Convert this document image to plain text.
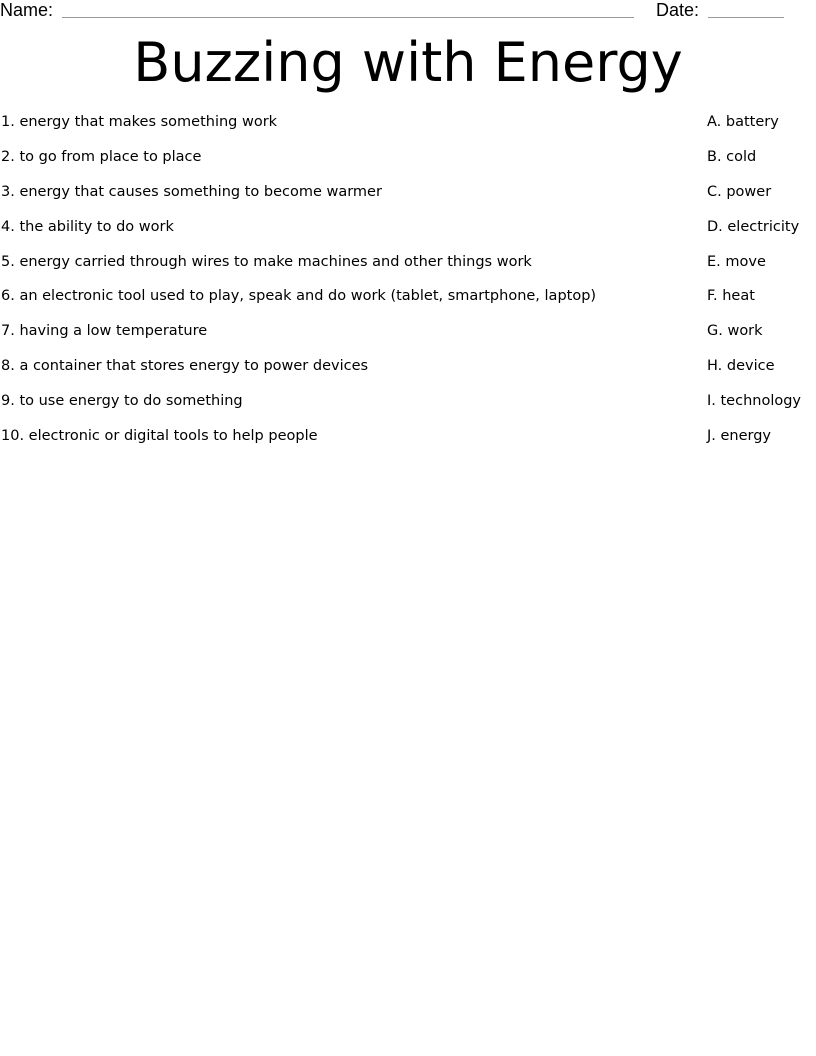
Name:	Date:
Buzzing with Energy
1. energy that makes something work	A. battery
2. to go from place to place	B. cold
3. energy that causes something to become warmer	C. power
4. the ability to do work	D. electricity
5. energy carried through wires to make machines and other things work	E. move
6. an electronic tool used to play, speak and do work (tablet, smartphone, laptop)	F. heat
7. having a low temperature	G. work
8. a container that stores energy to power devices	H. device
9. to use energy to do something	I. technology
10. electronic or digital tools to help people	J. energy
